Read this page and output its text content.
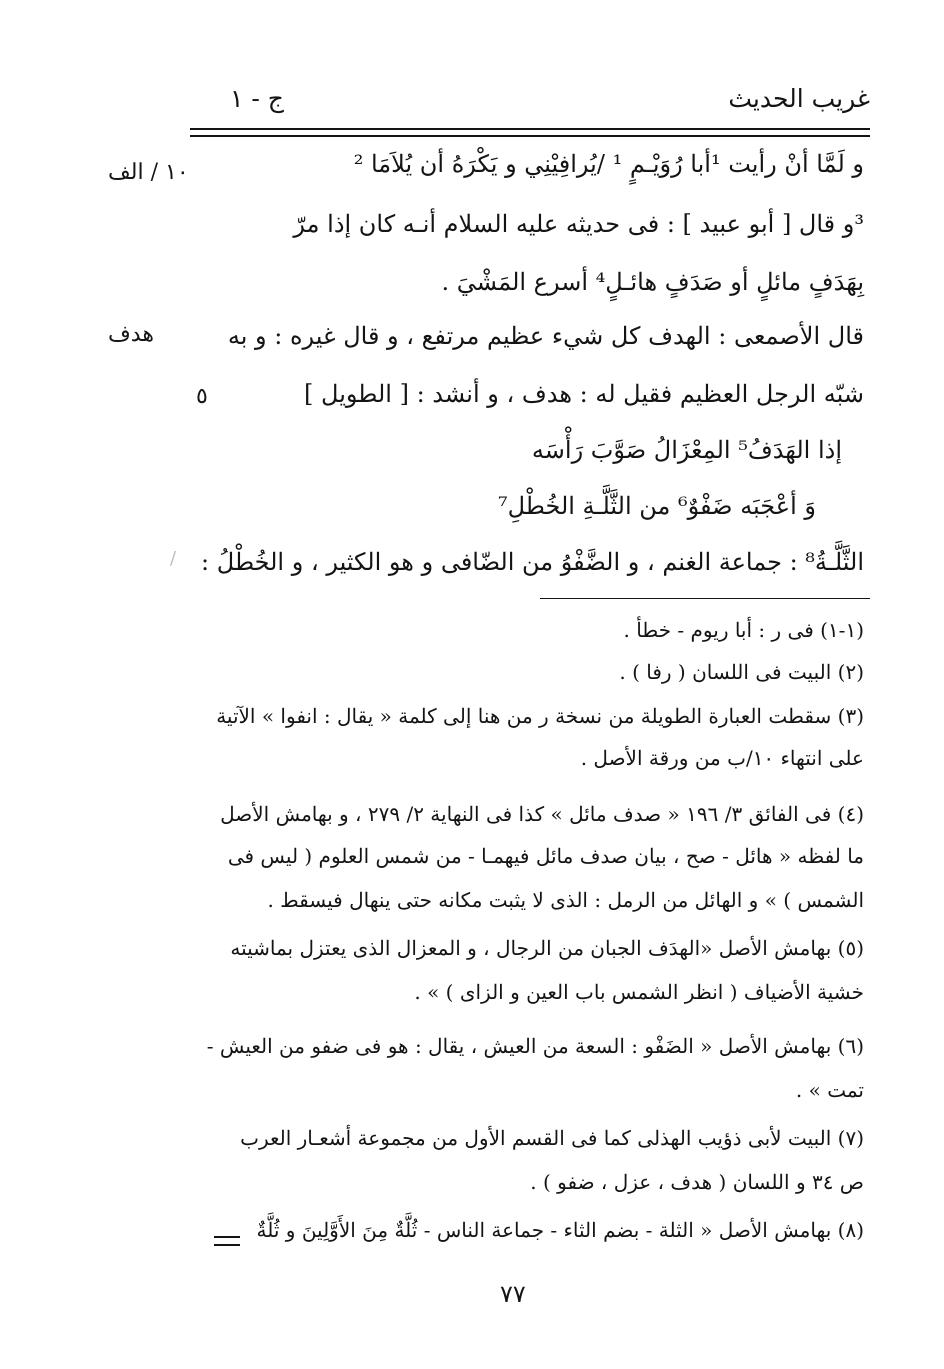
غريب الحديث
ج - ١
١٠ / الف
هدف
٥
و لَمَّا أنْ رأيت ¹أبا رُوَيْـمٍ ¹ /يُرافِيْنِي و يَكْرَهُ أن يُلاَمَا ²
³و قال [ أبو عبيد ] : فى حديثه عليه السلام أنـه كان إذا مرّ
بِهَدَفٍ مائلٍ أو صَدَفٍ هائـلٍ⁴ أسرع المَشْيَ .
قال الأصمعى : الهدف كل شيء عظيم مرتفع ، و قال غيره : و به
شبّه الرجل العظيم فقيل له : هدف ، و أنشد : [ الطويل ]
إذا الهَدَفُ⁵ المِعْزَالُ صَوَّبَ رَأْسَه
وَ أعْجَبَه ضَفْوٌ⁶ من الثَّلَّـةِ الخُطْلِ⁷
الثَّلَّـةُ⁸ : جماعة الغنم ، و الضَّفْوُ من الضّافى و هو الكثير ، و الخُطْلُ :
/
(١-١) فى ر : أبا ريوم - خطأ .
(٢) البيت فى اللسان ( رفا ) .
(٣) سقطت العبارة الطويلة من نسخة ر من هنا إلى كلمة « يقال : انفوا » الآتية
على انتهاء ١٠/ب من ورقة الأصل .
(٤) فى الفائق ٣/ ١٩٦ « صدف مائل » كذا فى النهاية ٢/ ٢٧٩ ، و بهامش الأصل
ما لفظه « هائل - صح ، بيان صدف مائل فيهمـا - من شمس العلوم ( ليس فى
الشمس ) » و الهائل من الرمل : الذى لا يثبت مكانه حتى ينهال فيسقط .
(٥) بهامش الأصل «الهدَف الجبان من الرجال ، و المعزال الذى يعتزل بماشيته
خشية الأضياف ( انظر الشمس باب العين و الزاى ) » .
(٦) بهامش الأصل « الضَفْو : السعة من العيش ، يقال : هو فى ضفو من العيش -
تمت » .
(٧) البيت لأبى ذؤيب الهذلى كما فى القسم الأول من مجموعة أشعـار العرب
ص ٣٤ و اللسان ( هدف ، عزل ، ضفو ) .
(٨) بهامش الأصل « الثلة - بضم الثاء - جماعة الناس - ثُلَّةٌ مِنَ الأَوَّلِينَ و ثُلَّةٌ
٧٧
